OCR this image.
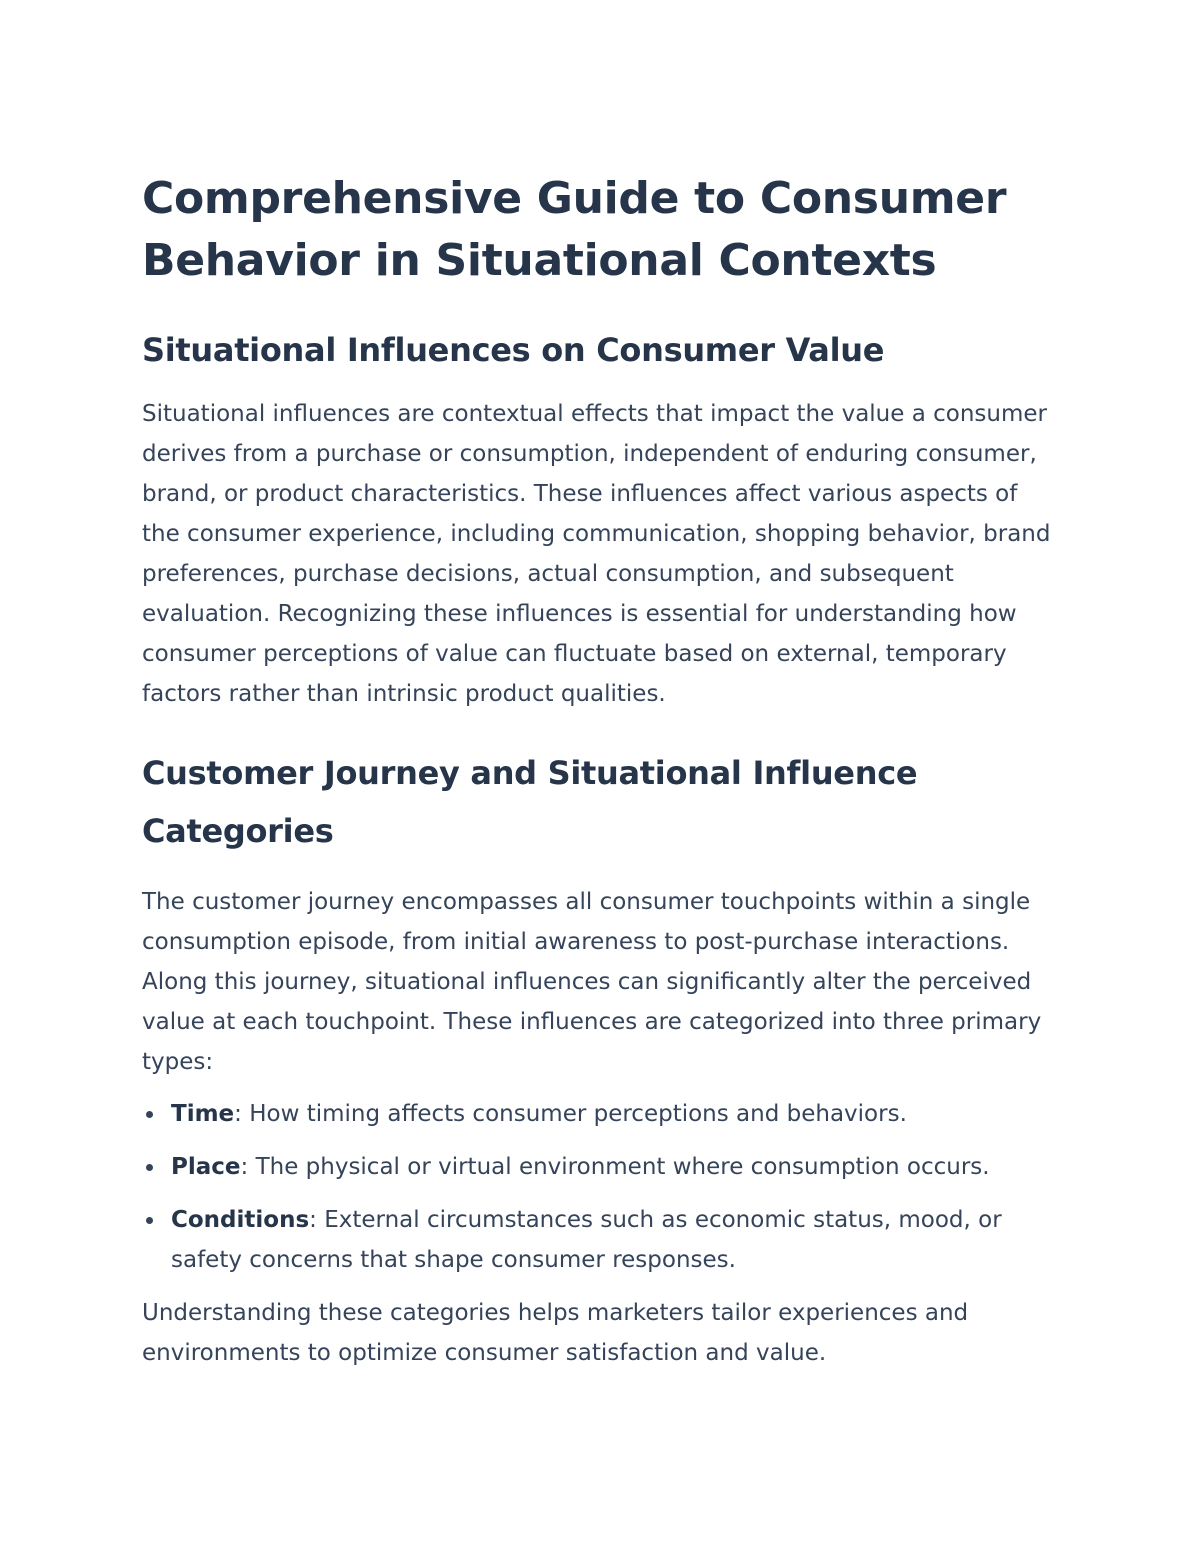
Comprehensive Guide to Consumer Behavior in Situational Contexts
Situational Influences on Consumer Value

Situational influences are contextual effects that impact the value a consumer derives from a purchase or consumption, independent of enduring consumer, brand, or product characteristics. These influences affect various aspects of the consumer experience, including communication, shopping behavior, brand preferences, purchase decisions, actual consumption, and subsequent evaluation. Recognizing these influences is essential for understanding how consumer perceptions of value can fluctuate based on external, temporary factors rather than intrinsic product qualities.

Customer Journey and Situational Influence Categories

The customer journey encompasses all consumer touchpoints within a single consumption episode, from initial awareness to post-purchase interactions. Along this journey, situational influences can significantly alter the perceived value at each touchpoint. These influences are categorized into three primary types:

Time: How timing affects consumer perceptions and behaviors.
Place: The physical or virtual environment where consumption occurs.
Conditions: External circumstances such as economic status, mood, or safety concerns that shape consumer responses.

Understanding these categories helps marketers tailor experiences and environments to optimize consumer satisfaction and value.
